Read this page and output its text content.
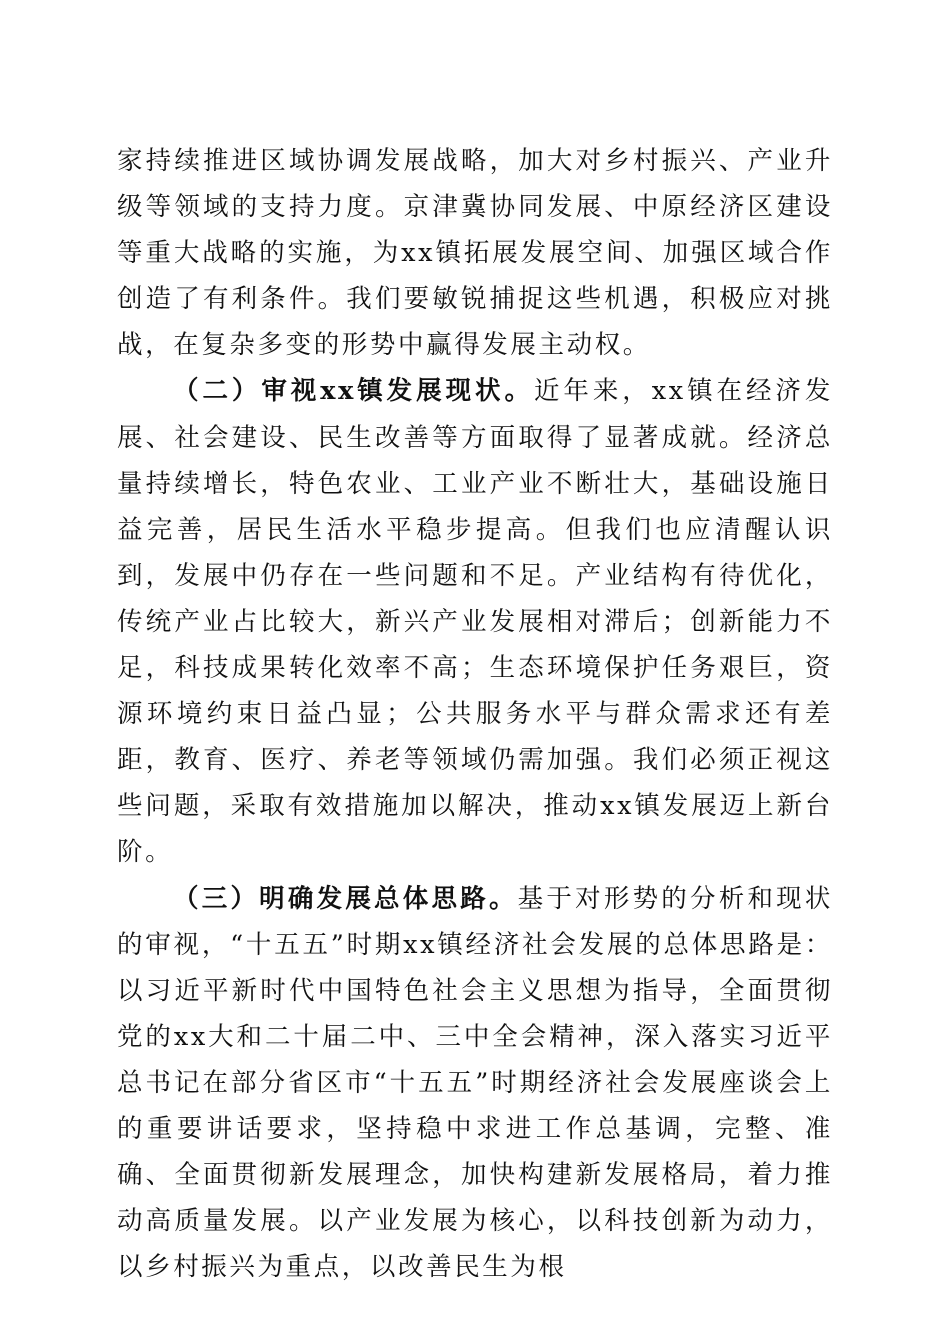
家持续推进区域协调发展战略，加大对乡村振兴、产业升级等领域的支持力度。京津冀协同发展、中原经济区建设等重大战略的实施，为xx镇拓展发展空间、加强区域合作创造了有利条件。我们要敏锐捕捉这些机遇，积极应对挑战，在复杂多变的形势中赢得发展主动权。

（二）审视xx镇发展现状。近年来，xx镇在经济发展、社会建设、民生改善等方面取得了显著成就。经济总量持续增长，特色农业、工业产业不断壮大，基础设施日益完善，居民生活水平稳步提高。但我们也应清醒认识到，发展中仍存在一些问题和不足。产业结构有待优化，传统产业占比较大，新兴产业发展相对滞后；创新能力不足，科技成果转化效率不高；生态环境保护任务艰巨，资源环境约束日益凸显；公共服务水平与群众需求还有差距，教育、医疗、养老等领域仍需加强。我们必须正视这些问题，采取有效措施加以解决，推动xx镇发展迈上新台阶。

（三）明确发展总体思路。基于对形势的分析和现状的审视，“十五五”时期xx镇经济社会发展的总体思路是：以习近平新时代中国特色社会主义思想为指导，全面贯彻党的xx大和二十届二中、三中全会精神，深入落实习近平总书记在部分省区市“十五五”时期经济社会发展座谈会上的重要讲话要求，坚持稳中求进工作总基调，完整、准确、全面贯彻新发展理念，加快构建新发展格局，着力推动高质量发展。以产业发展为核心，以科技创新为动力，以乡村振兴为重点，以改善民生为根
